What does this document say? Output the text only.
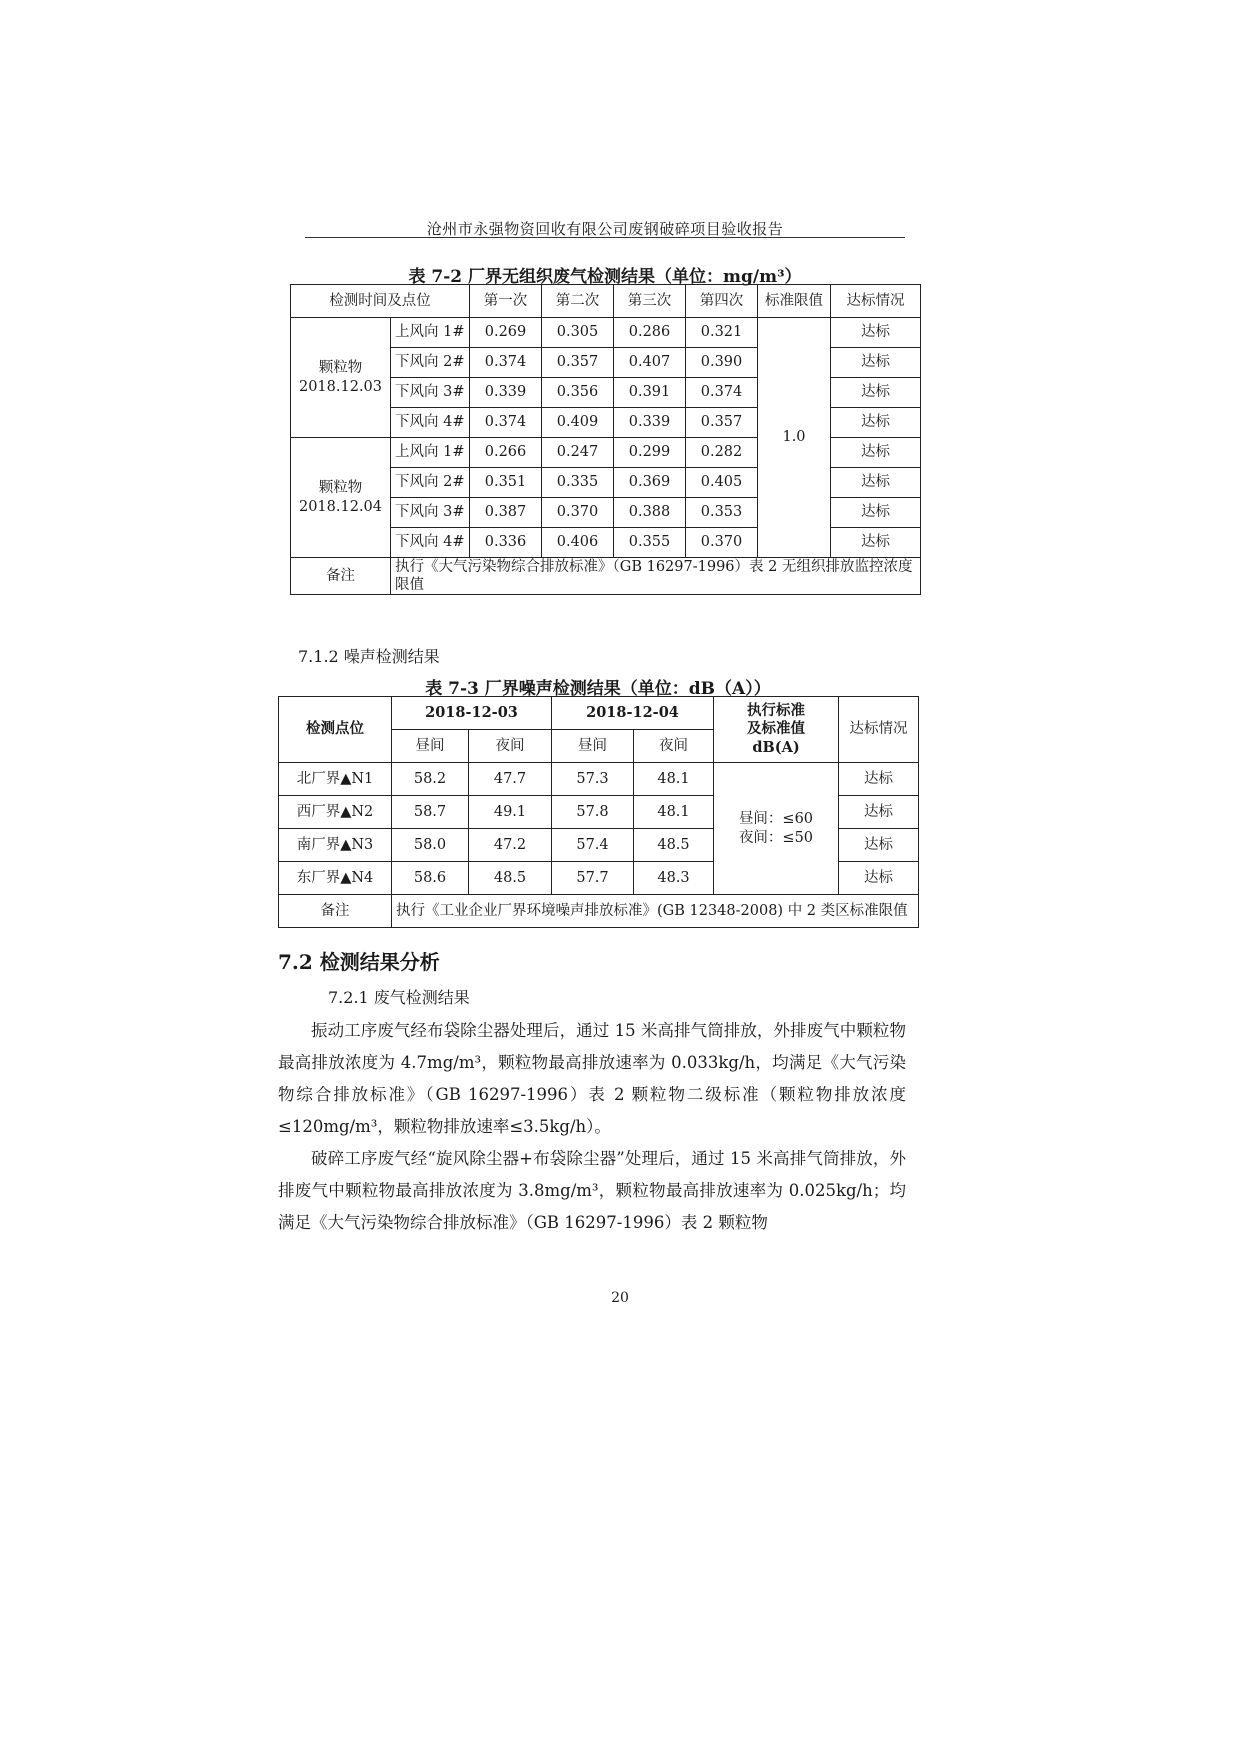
沧州市永强物资回收有限公司废钢破碎项目验收报告
表 7-2 厂界无组织废气检测结果（单位：mg/m³）
检测时间及点位		第一次	第二次	第三次	第四次	标准限值	达标情况
颗粒物
2018.12.03	上风向 1#	0.269	0.305	0.286	0.321	1.0	达标
	下风向 2#	0.374	0.357	0.407	0.390		达标
	下风向 3#	0.339	0.356	0.391	0.374		达标
	下风向 4#	0.374	0.409	0.339	0.357		达标
颗粒物
2018.12.04	上风向 1#	0.266	0.247	0.299	0.282		达标
	下风向 2#	0.351	0.335	0.369	0.405		达标
	下风向 3#	0.387	0.370	0.388	0.353		达标
	下风向 4#	0.336	0.406	0.355	0.370		达标
备注	执行《大气污染物综合排放标准》（GB 16297-1996）表 2 无组织排放监控浓度限值						
7.1.2 噪声检测结果
表 7-3 厂界噪声检测结果（单位：dB（A））
检测点位	2018-12-03		2018-12-04		执行标准
及标准值
dB(A)	达标情况
	昼间	夜间	昼间	夜间		
北厂界▲N1	58.2	47.7	57.3	48.1	昼间：≤60
夜间：≤50	达标
西厂界▲N2	58.7	49.1	57.8	48.1		达标
南厂界▲N3	58.0	47.2	57.4	48.5		达标
东厂界▲N4	58.6	48.5	57.7	48.3		达标
备注	执行《工业企业厂界环境噪声排放标准》(GB 12348-2008) 中 2 类区标准限值					
7.2 检测结果分析
7.2.1 废气检测结果

振动工序废气经布袋除尘器处理后，通过 15 米高排气筒排放，外排废气中颗粒物最高排放浓度为 4.7mg/m³，颗粒物最高排放速率为 0.033kg/h，均满足《大气污染物综合排放标准》（GB 16297-1996）表 2 颗粒物二级标准（颗粒物排放浓度≤120mg/m³，颗粒物排放速率≤3.5kg/h）。

破碎工序废气经“旋风除尘器+布袋除尘器”处理后，通过 15 米高排气筒排放，外排废气中颗粒物最高排放浓度为 3.8mg/m³，颗粒物最高排放速率为 0.025kg/h；均满足《大气污染物综合排放标准》（GB 16297-1996）表 2 颗粒物

20
